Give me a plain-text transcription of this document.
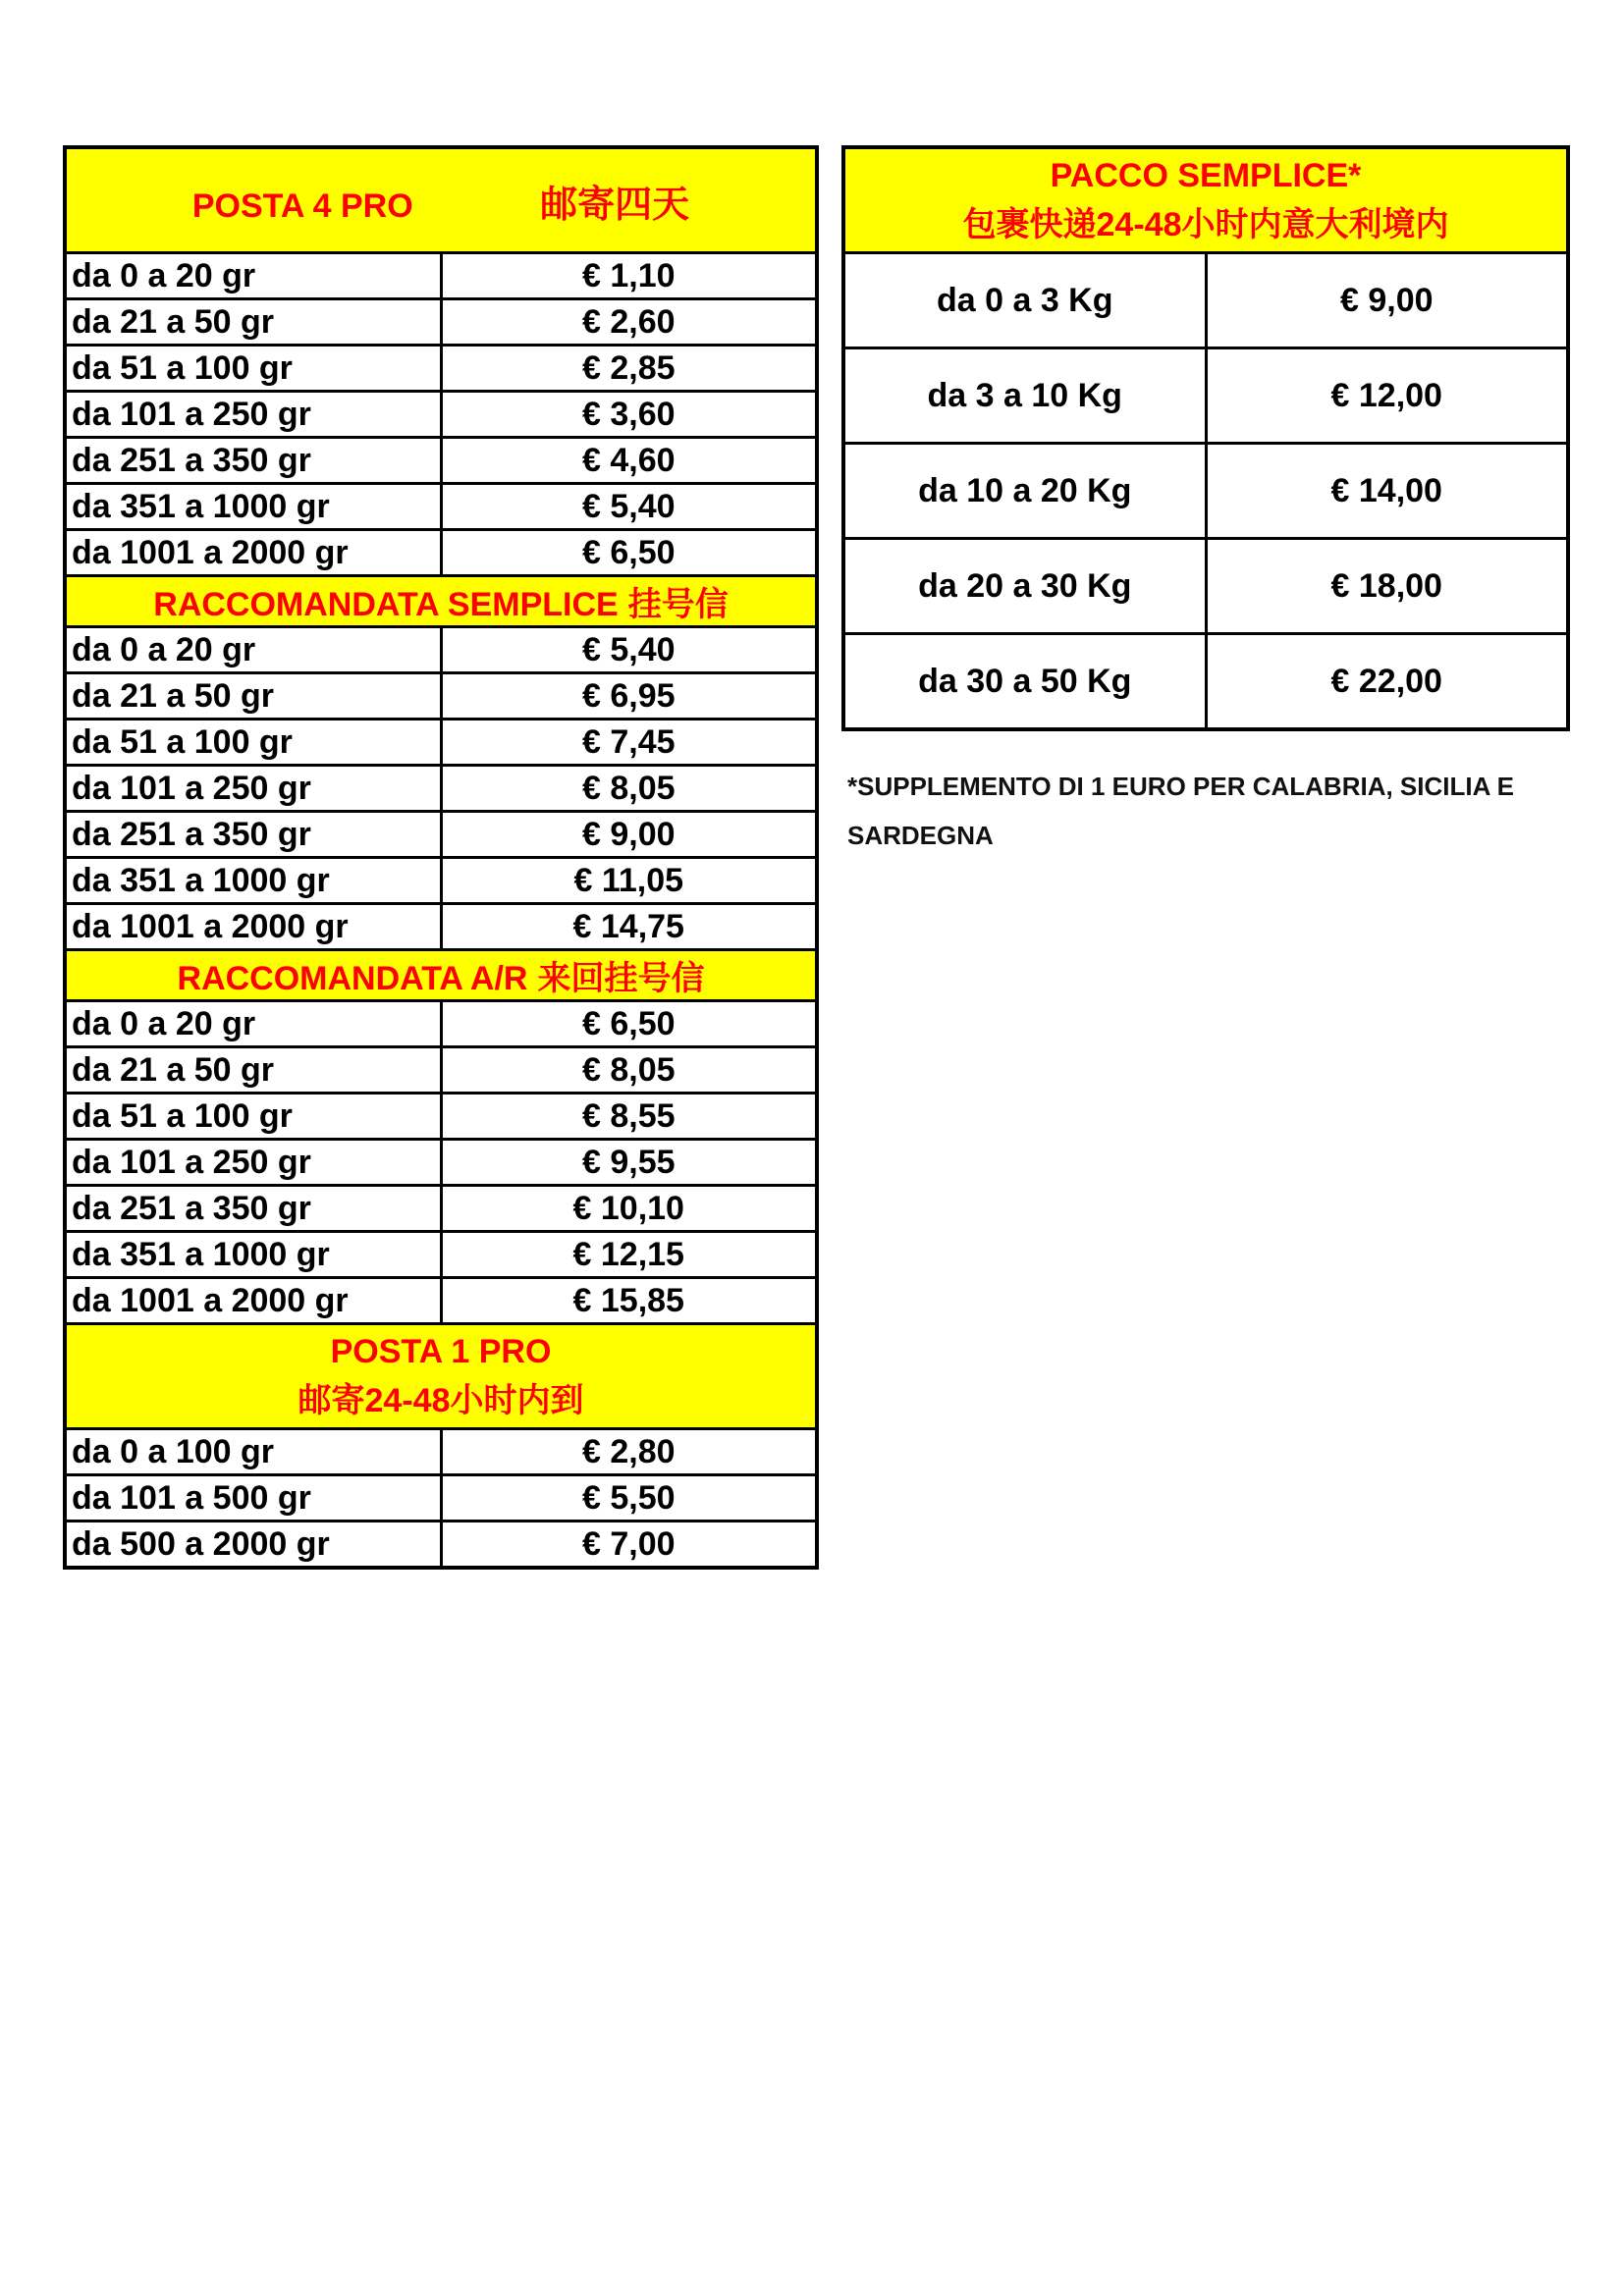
POSTA 4 PRO 邮寄四天	
da 0 a 20 gr	€ 1,10
da 21 a 50 gr	€ 2,60
da 51 a 100 gr	€ 2,85
da 101 a 250 gr	€ 3,60
da 251 a 350 gr	€ 4,60
da 351 a 1000 gr	€ 5,40
da 1001 a 2000 gr	€ 6,50
RACCOMANDATA SEMPLICE 挂号信	
da 0 a 20 gr	€ 5,40
da 21 a 50 gr	€ 6,95
da 51 a 100 gr	€ 7,45
da 101 a 250 gr	€ 8,05
da 251 a 350 gr	€ 9,00
da 351 a 1000 gr	€ 11,05
da 1001 a 2000 gr	€ 14,75
RACCOMANDATA A/R 来回挂号信	
da 0 a 20 gr	€ 6,50
da 21 a 50 gr	€ 8,05
da 51 a 100 gr	€ 8,55
da 101 a 250 gr	€ 9,55
da 251 a 350 gr	€ 10,10
da 351 a 1000 gr	€ 12,15
da 1001 a 2000 gr	€ 15,85

POSTA 1 PRO
邮寄24-48小时内到	

da 0 a 100 gr	€ 2,80
da 101 a 500 gr	€ 5,50
da 500 a 2000 gr	€ 7,00
PACCO SEMPLICE*
包裹快递24-48小时内意大利境内	

da 0 a 3 Kg	€ 9,00
da 3 a 10 Kg	€ 12,00
da 10 a 20 Kg	€ 14,00
da 20 a 30 Kg	€ 18,00
da 30 a 50 Kg	€ 22,00
*SUPPLEMENTO DI 1 EURO PER CALABRIA, SICILIA E SARDEGNA
